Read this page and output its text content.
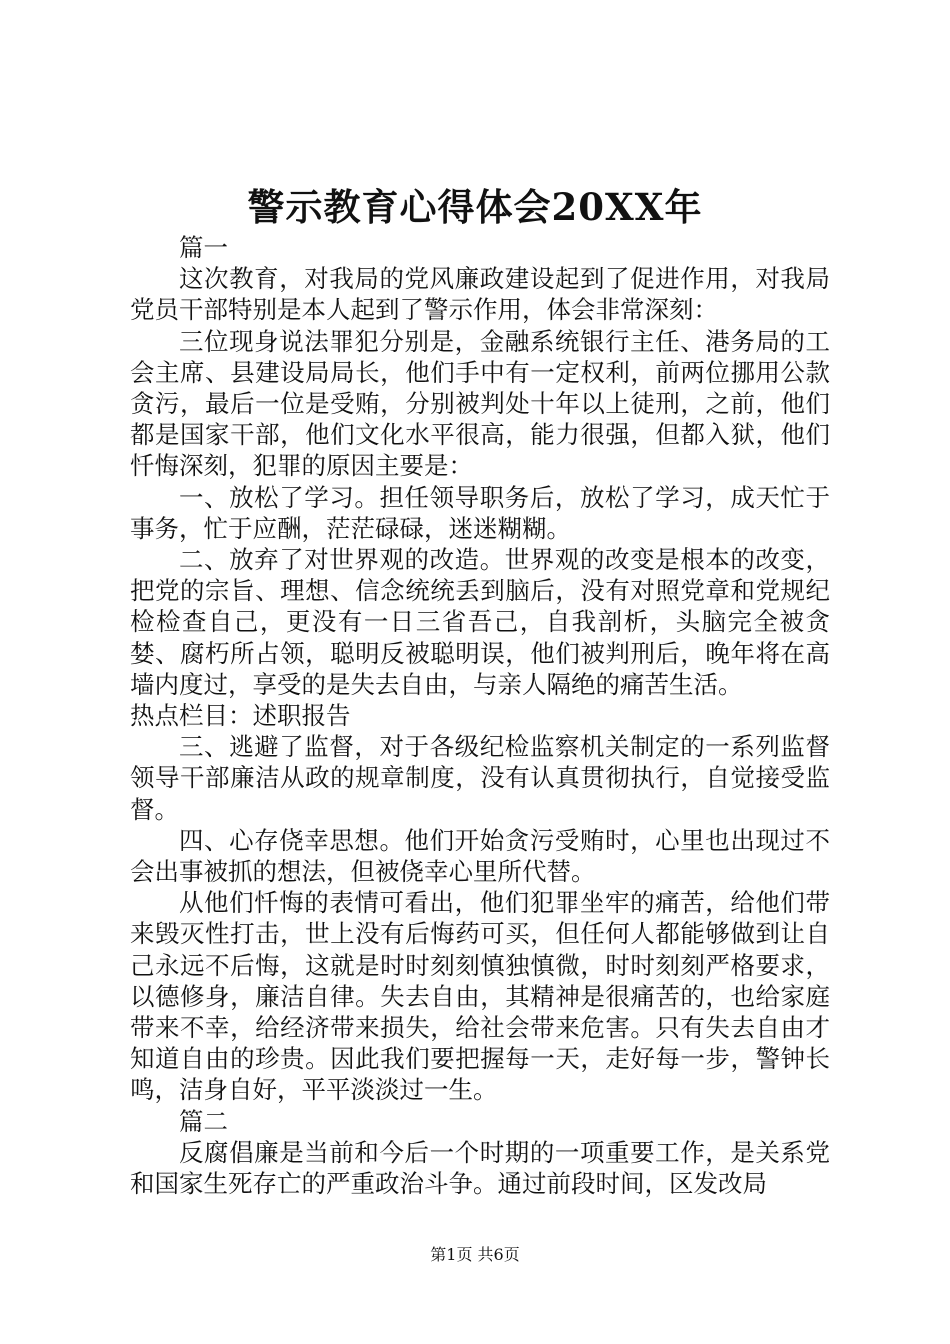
警示教育心得体会20XX年

篇一

这次教育，对我局的党风廉政建设起到了促进作用，对我局党员干部特别是本人起到了警示作用，体会非常深刻：

三位现身说法罪犯分别是，金融系统银行主任、港务局的工会主席、县建设局局长，他们手中有一定权利，前两位挪用公款贪污，最后一位是受贿，分别被判处十年以上徒刑，之前，他们都是国家干部，他们文化水平很高，能力很强，但都入狱，他们忏悔深刻，犯罪的原因主要是：

一、放松了学习。担任领导职务后，放松了学习，成天忙于事务，忙于应酬，茫茫碌碌，迷迷糊糊。

二、放弃了对世界观的改造。世界观的改变是根本的改变，把党的宗旨、理想、信念统统丢到脑后，没有对照党章和党规纪检检查自己，更没有一日三省吾己，自我剖析，头脑完全被贪婪、腐朽所占领，聪明反被聪明误，他们被判刑后，晚年将在高墙内度过，享受的是失去自由，与亲人隔绝的痛苦生活。

热点栏目：述职报告

三、逃避了监督，对于各级纪检监察机关制定的一系列监督领导干部廉洁从政的规章制度，没有认真贯彻执行，自觉接受监督。

四、心存侥幸思想。他们开始贪污受贿时，心里也出现过不会出事被抓的想法，但被侥幸心里所代替。

从他们忏悔的表情可看出，他们犯罪坐牢的痛苦，给他们带来毁灭性打击，世上没有后悔药可买，但任何人都能够做到让自己永远不后悔，这就是时时刻刻慎独慎微，时时刻刻严格要求，以德修身，廉洁自律。失去自由，其精神是很痛苦的，也给家庭带来不幸，给经济带来损失，给社会带来危害。只有失去自由才知道自由的珍贵。因此我们要把握每一天，走好每一步，警钟长鸣，洁身自好，平平淡淡过一生。

篇二

反腐倡廉是当前和今后一个时期的一项重要工作，是关系党和国家生死存亡的严重政治斗争。通过前段时间，区发改局

第1页 共6页
